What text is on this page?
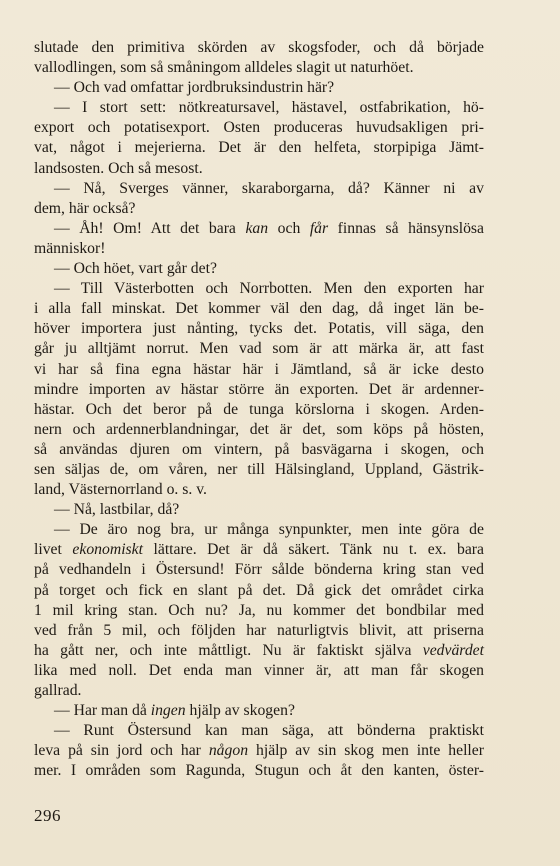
slutade den primitiva skörden av skogsfoder, och då började
vallodlingen, som så småningom alldeles slagit ut naturhöet.
— Och vad omfattar jordbruksindustrin här?
— I stort sett: nötkreatursavel, hästavel, ostfabrikation, hö-
export och potatisexport. Osten produceras huvudsakligen pri-
vat, något i mejerierna. Det är den helfeta, storpipiga Jämt-
landsosten. Och så mesost.
— Nå, Sverges vänner, skaraborgarna, då? Känner ni av
dem, här också?
— Åh! Om! Att det bara kan och får finnas så hänsynslösa
människor!
— Och höet, vart går det?
— Till Västerbotten och Norrbotten. Men den exporten har
i alla fall minskat. Det kommer väl den dag, då inget län be-
höver importera just nånting, tycks det. Potatis, vill säga, den
går ju alltjämt norrut. Men vad som är att märka är, att fast
vi har så fina egna hästar här i Jämtland, så är icke desto
mindre importen av hästar större än exporten. Det är ardenner-
hästar. Och det beror på de tunga körslorna i skogen. Arden-
nern och ardennerblandningar, det är det, som köps på hösten,
så användas djuren om vintern, på basvägarna i skogen, och
sen säljas de, om våren, ner till Hälsingland, Uppland, Gästrik-
land, Västernorrland o. s. v.
— Nå, lastbilar, då?
— De äro nog bra, ur många synpunkter, men inte göra de
livet ekonomiskt lättare. Det är då säkert. Tänk nu t. ex. bara
på vedhandeln i Östersund! Förr sålde bönderna kring stan ved
på torget och fick en slant på det. Då gick det området cirka
1 mil kring stan. Och nu? Ja, nu kommer det bondbilar med
ved från 5 mil, och följden har naturligtvis blivit, att priserna
ha gått ner, och inte måttligt. Nu är faktiskt själva vedvärdet
lika med noll. Det enda man vinner är, att man får skogen
gallrad.
— Har man då ingen hjälp av skogen?
— Runt Östersund kan man säga, att bönderna praktiskt
leva på sin jord och har någon hjälp av sin skog men inte heller
mer. I områden som Ragunda, Stugun och åt den kanten, öster-
296
